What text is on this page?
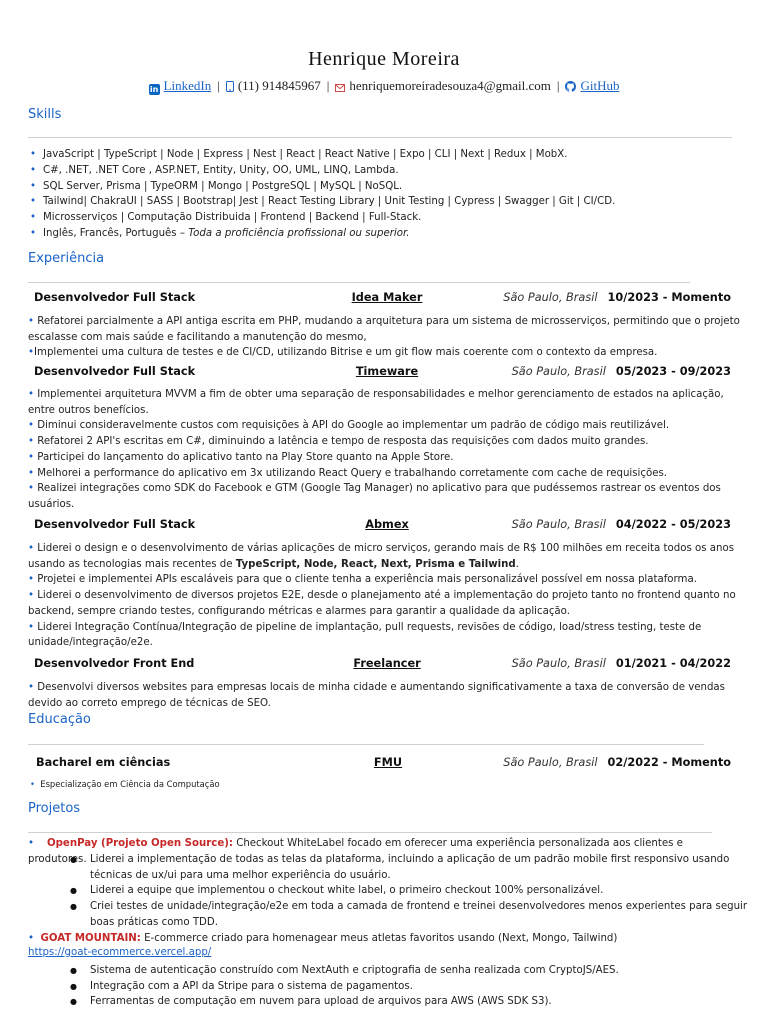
Henrique Moreira
in LinkedIn | (11) 914845967 | henriquemoreiradesouza4@gmail.com | GitHub
Skills
• JavaScript | TypeScript | Node | Express | Nest | React | React Native | Expo | CLI | Next | Redux | MobX.
• C#, .NET, .NET Core , ASP.NET, Entity, Unity, OO, UML, LINQ, Lambda.
• SQL Server, Prisma | TypeORM | Mongo | PostgreSQL | MySQL | NoSQL.
• Tailwind| ChakraUI | SASS | Bootstrap| Jest | React Testing Library | Unit Testing | Cypress | Swagger | Git | CI/CD.
• Microsserviços | Computação Distribuida | Frontend | Backend | Full-Stack.
• Inglês, Francês, Português – Toda a proficiência profissional ou superior.
Experiência
Desenvolvedor Full Stack	Idea Maker	São Paulo, Brasil 10/2023 - Momento
• Refatorei parcialmente a API antiga escrita em PHP, mudando a arquitetura para um sistema de microsserviços, permitindo que o projeto
escalasse com mais saúde e facilitando a manutenção do mesmo,
•Implementei uma cultura de testes e de CI/CD, utilizando Bitrise e um git flow mais coerente com o contexto da empresa.
Desenvolvedor Full Stack	Timeware	São Paulo, Brasil 05/2023 - 09/2023
• Implementei arquitetura MVVM a fim de obter uma separação de responsabilidades e melhor gerenciamento de estados na aplicação,
entre outros benefícios.
• Diminui consideravelmente custos com requisições à API do Google ao implementar um padrão de código mais reutilizável.
• Refatorei 2 API's escritas em C#, diminuindo a latência e tempo de resposta das requisições com dados muito grandes.
• Participei do lançamento do aplicativo tanto na Play Store quanto na Apple Store.
• Melhorei a performance do aplicativo em 3x utilizando React Query e trabalhando corretamente com cache de requisições.
• Realizei integrações como SDK do Facebook e GTM (Google Tag Manager) no aplicativo para que pudéssemos rastrear os eventos dos
usuários.
Desenvolvedor Full Stack	Abmex	São Paulo, Brasil 04/2022 - 05/2023
• Liderei o design e o desenvolvimento de várias aplicações de micro serviços, gerando mais de R$ 100 milhões em receita todos os anos
usando as tecnologias mais recentes de TypeScript, Node, React, Next, Prisma e Tailwind.
• Projetei e implementei APIs escaláveis para que o cliente tenha a experiência mais personalizável possível em nossa plataforma.
• Liderei o desenvolvimento de diversos projetos E2E, desde o planejamento até a implementação do projeto tanto no frontend quanto no
backend, sempre criando testes, configurando métricas e alarmes para garantir a qualidade da aplicação.
• Liderei Integração Contínua/Integração de pipeline de implantação, pull requests, revisões de código, load/stress testing, teste de
unidade/integração/e2e.
Desenvolvedor Front End	Freelancer	São Paulo, Brasil 01/2021 - 04/2022
• Desenvolvi diversos websites para empresas locais de minha cidade e aumentando significativamente a taxa de conversão de vendas
devido ao correto emprego de técnicas de SEO.
Educação
Bacharel em ciências	FMU	São Paulo, Brasil 02/2022 - Momento
• Especialização em Ciência da Computação
Projetos
• OpenPay (Projeto Open Source): Checkout WhiteLabel focado em oferecer uma experiência personalizada aos clientes e produtores.
● Liderei a implementação de todas as telas da plataforma, incluindo a aplicação de um padrão mobile first responsivo usando
técnicas de ux/ui para uma melhor experiência do usuário.
● Liderei a equipe que implementou o checkout white label, o primeiro checkout 100% personalizável.
● Criei testes de unidade/integração/e2e em toda a camada de frontend e treinei desenvolvedores menos experientes para seguir
boas práticas como TDD.
• GOAT MOUNTAIN: E-commerce criado para homenagear meus atletas favoritos usando (Next, Mongo, Tailwind)
https://goat-ecommerce.vercel.app/
● Sistema de autenticação construído com NextAuth e criptografia de senha realizada com CryptoJS/AES.
● Integração com a API da Stripe para o sistema de pagamentos.
● Ferramentas de computação em nuvem para upload de arquivos para AWS (AWS SDK S3).
